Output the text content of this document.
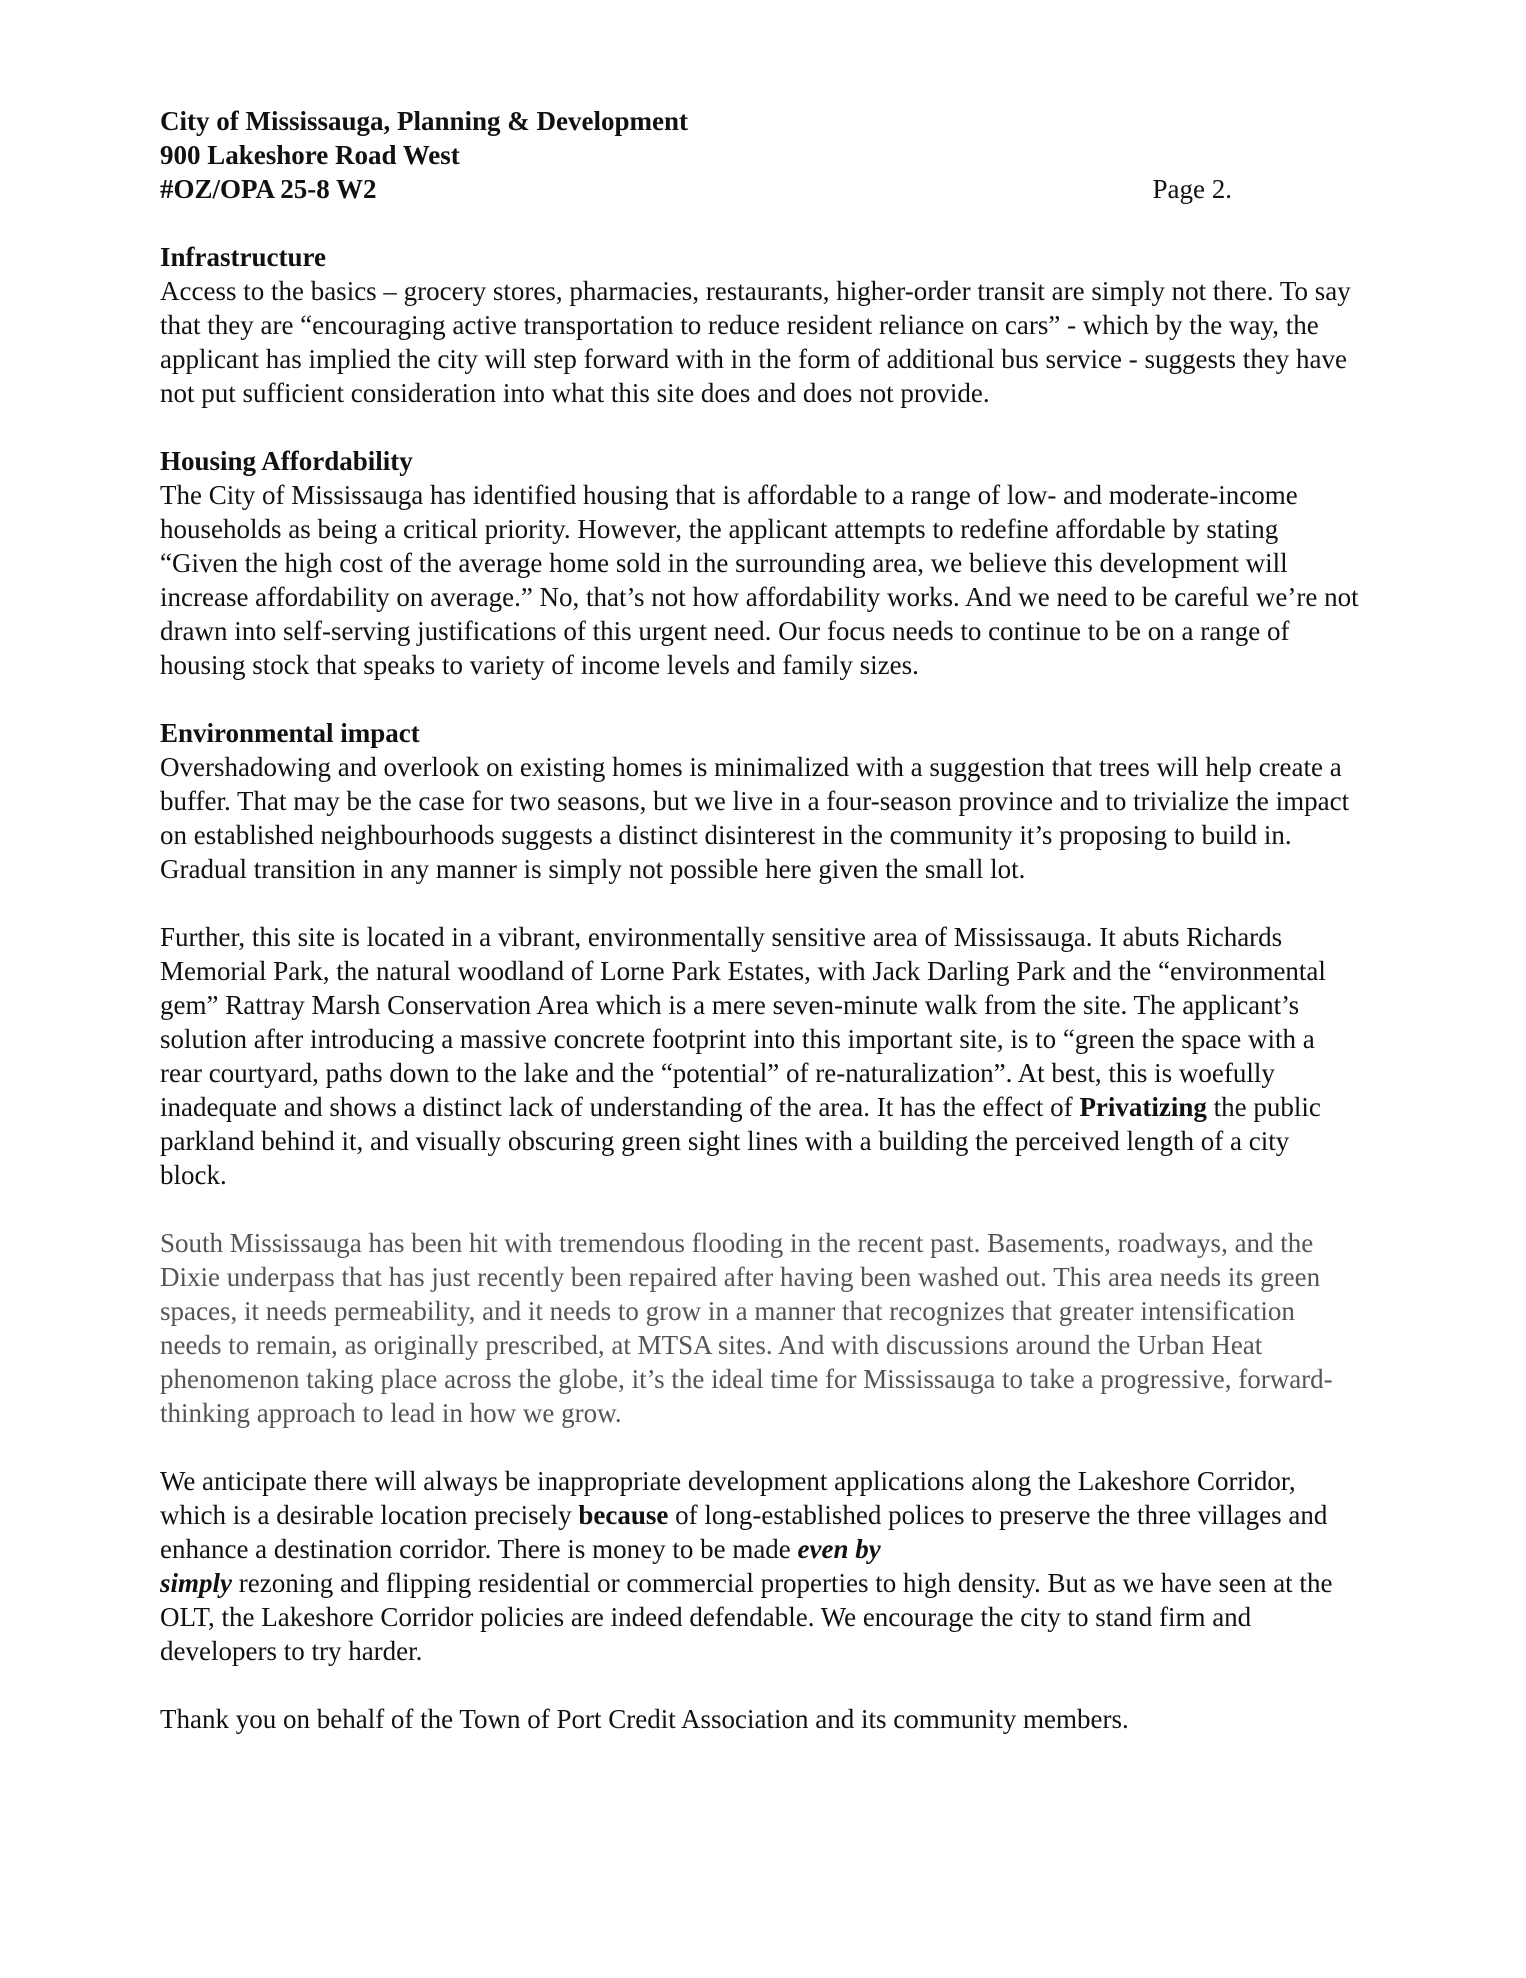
City of Mississauga, Planning & Development
900 Lakeshore Road West
#OZ/OPA 25-8 W2	Page 2.
Infrastructure

Access to the basics – grocery stores, pharmacies, restaurants, higher-order transit are simply not there. To say that they are “encouraging active transportation to reduce resident reliance on cars” - which by the way, the applicant has implied the city will step forward with in the form of additional bus service - suggests they have not put sufficient consideration into what this site does and does not provide.

Housing Affordability

The City of Mississauga has identified housing that is affordable to a range of low- and moderate-income households as being a critical priority. However, the applicant attempts to redefine affordable by stating “Given the high cost of the average home sold in the surrounding area, we believe this development will increase affordability on average.” No, that’s not how affordability works. And we need to be careful we’re not drawn into self-serving justifications of this urgent need. Our focus needs to continue to be on a range of housing stock that speaks to variety of income levels and family sizes.

Environmental impact

Overshadowing and overlook on existing homes is minimalized with a suggestion that trees will help create a buffer. That may be the case for two seasons, but we live in a four-season province and to trivialize the impact on established neighbourhoods suggests a distinct disinterest in the community it’s proposing to build in. Gradual transition in any manner is simply not possible here given the small lot.

Further, this site is located in a vibrant, environmentally sensitive area of Mississauga. It abuts Richards Memorial Park, the natural woodland of Lorne Park Estates, with Jack Darling Park and the “environmental gem” Rattray Marsh Conservation Area which is a mere seven-minute walk from the site. The applicant’s solution after introducing a massive concrete footprint into this important site, is to “green the space with a rear courtyard, paths down to the lake and the “potential” of re-naturalization”. At best, this is woefully inadequate and shows a distinct lack of understanding of the area. It has the effect of Privatizing the public parkland behind it, and visually obscuring green sight lines with a building the perceived length of a city block.

South Mississauga has been hit with tremendous flooding in the recent past. Basements, roadways, and the Dixie underpass that has just recently been repaired after having been washed out. This area needs its green spaces, it needs permeability, and it needs to grow in a manner that recognizes that greater intensification needs to remain, as originally prescribed, at MTSA sites. And with discussions around the Urban Heat phenomenon taking place across the globe, it’s the ideal time for Mississauga to take a progressive, forward-thinking approach to lead in how we grow.

We anticipate there will always be inappropriate development applications along the Lakeshore Corridor, which is a desirable location precisely because of long-established polices to preserve the three villages and enhance a destination corridor. There is money to be made even by
simply rezoning and flipping residential or commercial properties to high density. But as we have seen at the OLT, the Lakeshore Corridor policies are indeed defendable. We encourage the city to stand firm and developers to try harder.

Thank you on behalf of the Town of Port Credit Association and its community members.
